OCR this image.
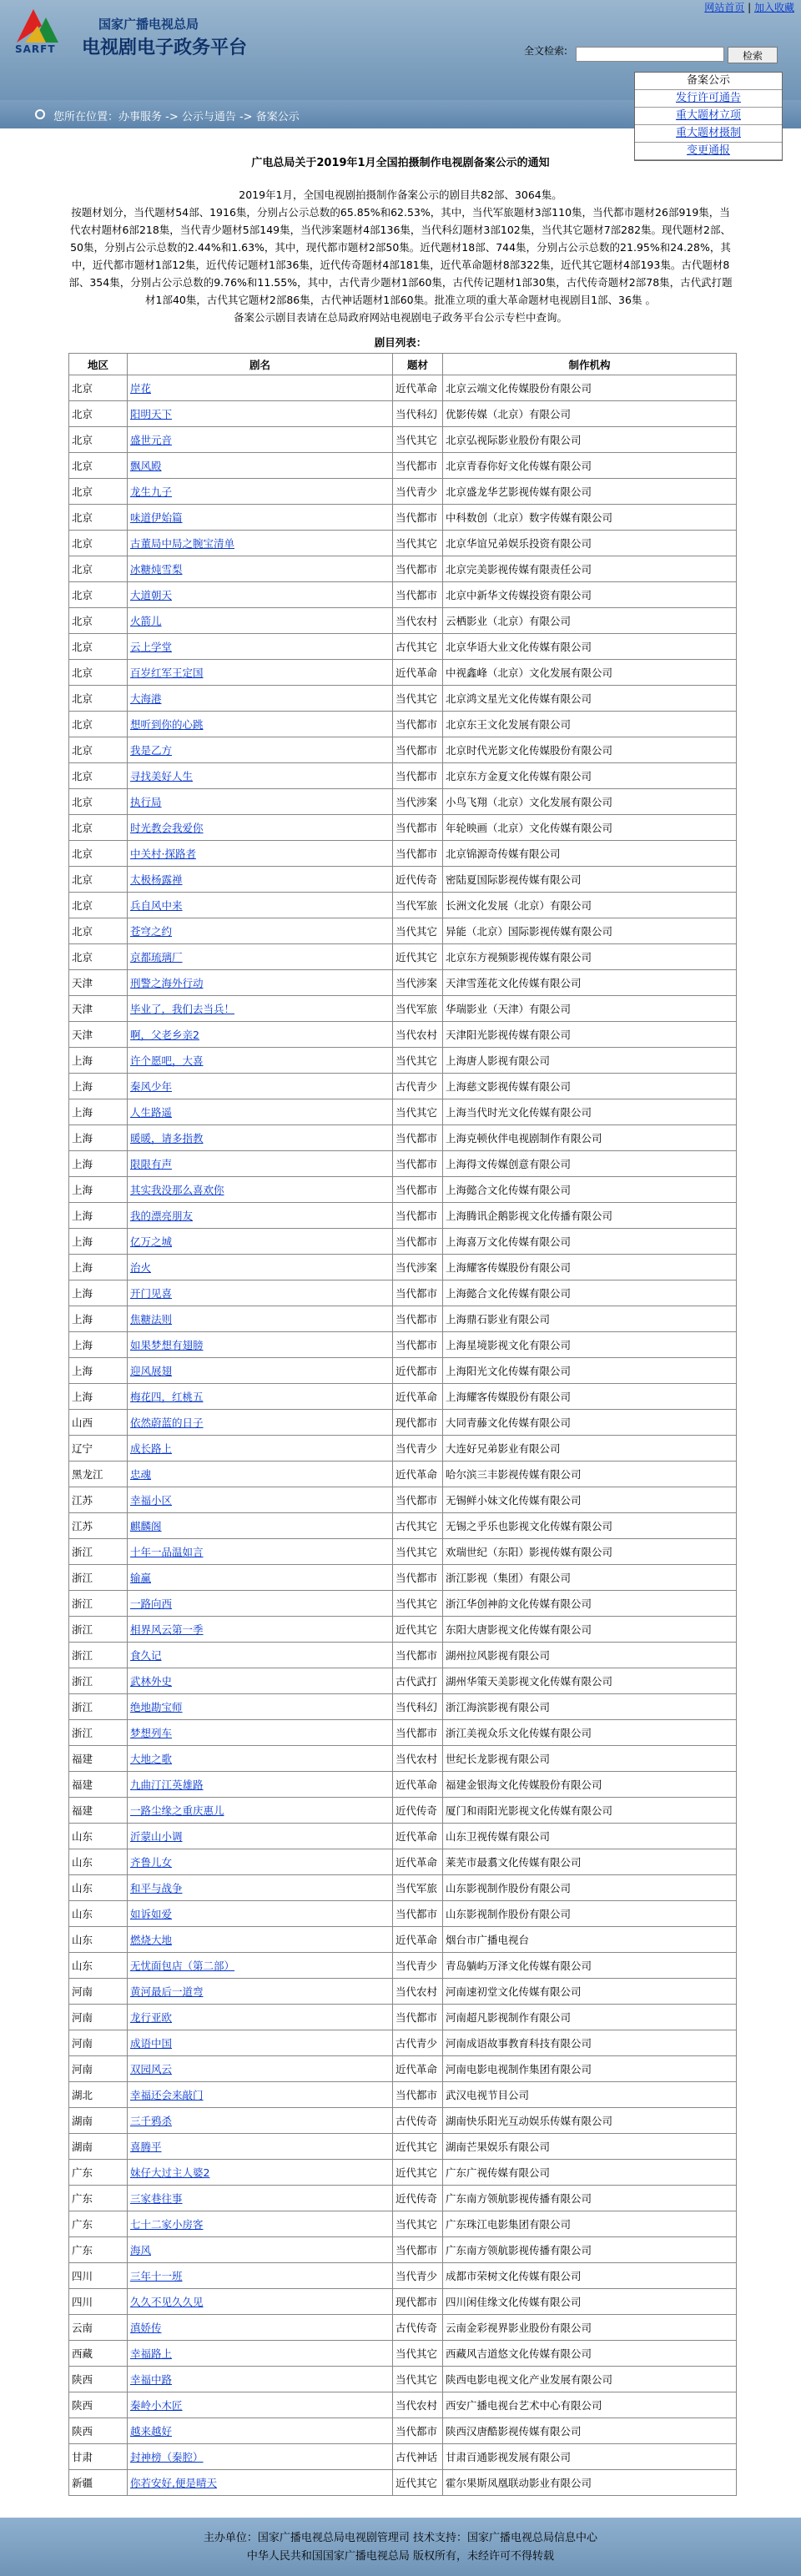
SARFT
国家广播电视总局
电视剧电子政务平台
网站首页 | 加入收藏
全文检索:	检索
您所在位置：办事服务 -> 公示与通告 -> 备案公示
备案公示
发行许可通告
重大题材立项
重大题材摄制
变更通报
广电总局关于2019年1月全国拍摄制作电视剧备案公示的通知

2019年1月，全国电视剧拍摄制作备案公示的剧目共82部、3064集。

按题材划分，当代题材54部、1916集，分别占公示总数的65.85%和62.53%，其中，当代军旅题材3部110集，当代都市题材26部919集，当代农村题材6部218集，当代青少题材5部149集，当代涉案题材4部136集，当代科幻题材3部102集，当代其它题材7部282集。现代题材2部、50集，分别占公示总数的2.44%和1.63%，其中，现代都市题材2部50集。近代题材18部、744集，分别占公示总数的21.95%和24.28%，其中，近代都市题材1部12集，近代传记题材1部36集，近代传奇题材4部181集，近代革命题材8部322集，近代其它题材4部193集。古代题材8部、354集，分别占公示总数的9.76%和11.55%，其中，古代青少题材1部60集，古代传记题材1部30集，古代传奇题材2部78集，古代武打题材1部40集，古代其它题材2部86集，古代神话题材1部60集。批准立项的重大革命题材电视剧目1部、36集 。

备案公示剧目表请在总局政府网站电视剧电子政务平台公示专栏中查询。

剧目列表：
地区	剧名	题材	制作机构
北京	岸花	近代革命	北京云端文化传媒股份有限公司
北京	阳明天下	当代科幻	优影传媒（北京）有限公司
北京	盛世元音	当代其它	北京弘视际影业股份有限公司
北京	飘风殿	当代都市	北京青春你好文化传媒有限公司
北京	龙生九子	当代青少	北京盛龙华艺影视传媒有限公司
北京	味道伊始篇	当代都市	中科数创（北京）数字传媒有限公司
北京	古董局中局之腕宝清单	当代其它	北京华谊兄弟娱乐投资有限公司
北京	冰糖炖雪梨	当代都市	北京完美影视传媒有限责任公司
北京	大道朝天	当代都市	北京中新华文传媒投资有限公司
北京	火箭儿	当代农村	云栖影业（北京）有限公司
北京	云上学堂	古代其它	北京华语大业文化传媒有限公司
北京	百岁红军王定国	近代革命	中视鑫峰（北京）文化发展有限公司
北京	大海港	当代其它	北京鸿文星光文化传媒有限公司
北京	想听到你的心跳	当代都市	北京东王文化发展有限公司
北京	我是乙方	当代都市	北京时代光影文化传媒股份有限公司
北京	寻找美好人生	当代都市	北京东方金夏文化传媒有限公司
北京	执行局	当代涉案	小鸟飞翔（北京）文化发展有限公司
北京	时光教会我爱你	当代都市	年轮映画（北京）文化传媒有限公司
北京	中关村·探路者	当代都市	北京锦源奇传媒有限公司
北京	太极杨露禅	近代传奇	密陆夏国际影视传媒有限公司
北京	兵自风中来	当代军旅	长洲文化发展（北京）有限公司
北京	苍穹之约	当代其它	异能（北京）国际影视传媒有限公司
北京	京都琉璃厂	近代其它	北京东方视频影视传媒有限公司
天津	刑警之海外行动	当代涉案	天津雪莲花文化传媒有限公司
天津	毕业了，我们去当兵！	当代军旅	华瑞影业（天津）有限公司
天津	啊，父老乡亲2	当代农村	天津阳光影视传媒有限公司
上海	许个愿吧，大喜	当代其它	上海唐人影视有限公司
上海	秦风少年	古代青少	上海慈文影视传媒有限公司
上海	人生路遥	当代其它	上海当代时光文化传媒有限公司
上海	暖暖，请多指教	当代都市	上海克顿伙伴电视剧制作有限公司
上海	限限有声	当代都市	上海得文传媒创意有限公司
上海	其实我没那么喜欢你	当代都市	上海懿合文化传媒有限公司
上海	我的漂亮朋友	当代都市	上海腾讯企鹅影视文化传播有限公司
上海	亿万之城	当代都市	上海喜万文化传媒有限公司
上海	治火	当代涉案	上海耀客传媒股份有限公司
上海	开门见喜	当代都市	上海懿合文化传媒有限公司
上海	焦糖法则	当代都市	上海鼎石影业有限公司
上海	如果梦想有翅膀	当代都市	上海星境影视文化有限公司
上海	迎风展翅	近代都市	上海阳光文化传媒有限公司
上海	梅花四，红桃五	近代革命	上海耀客传媒股份有限公司
山西	依然蔚蓝的日子	现代都市	大同青藤文化传媒有限公司
辽宁	成长路上	当代青少	大连好兄弟影业有限公司
黑龙江	忠魂	近代革命	哈尔滨三丰影视传媒有限公司
江苏	幸福小区	当代都市	无锡鲜小妹文化传媒有限公司
江苏	麒麟阁	古代其它	无锡之乎乐也影视文化传媒有限公司
浙江	十年一品温如言	当代其它	欢瑞世纪（东阳）影视传媒有限公司
浙江	输赢	当代都市	浙江影视（集团）有限公司
浙江	一路向西	当代其它	浙江华创神韵文化传媒有限公司
浙江	相界风云第一季	近代其它	东阳大唐影视文化传媒有限公司
浙江	食久记	当代都市	湖州拉风影视有限公司
浙江	武林外史	古代武打	湖州华策天美影视文化传媒有限公司
浙江	绝地勘宝师	当代科幻	浙江海滨影视有限公司
浙江	梦想列车	当代都市	浙江美视众乐文化传媒有限公司
福建	大地之歌	当代农村	世纪长龙影视有限公司
福建	九曲汀江英雄路	近代革命	福建金银海文化传媒股份有限公司
福建	一路尘缘之重庆惠儿	近代传奇	厦门和雨阳光影视文化传媒有限公司
山东	沂蒙山小调	近代革命	山东卫视传媒有限公司
山东	齐鲁儿女	近代革命	莱芜市最翥文化传媒有限公司
山东	和平与战争	当代军旅	山东影视制作股份有限公司
山东	如诉如爱	当代都市	山东影视制作股份有限公司
山东	燃烧大地	近代革命	烟台市广播电视台
山东	无忧面包店（第二部）	当代青少	青岛躺屿万泽文化传媒有限公司
河南	黄河最后一道弯	当代农村	河南速初堂文化传媒有限公司
河南	龙行亚欧	当代都市	河南超凡影视制作有限公司
河南	成语中国	古代青少	河南成语故事教育科技有限公司
河南	双园风云	近代革命	河南电影电视制作集团有限公司
湖北	幸福还会来敲门	当代都市	武汉电视节目公司
湖南	三千鸦杀	古代传奇	湖南快乐阳光互动娱乐传媒有限公司
湖南	喜腾平	近代其它	湖南芒果娱乐有限公司
广东	妹仔大过主人婆2	近代其它	广东广视传媒有限公司
广东	三家巷往事	近代传奇	广东南方领航影视传播有限公司
广东	七十二家小房客	当代其它	广东珠江电影集团有限公司
广东	海风	当代都市	广东南方领航影视传播有限公司
四川	三年十一班	当代青少	成都市荣树文化传媒有限公司
四川	久久不见久久见	现代都市	四川闲佳缘文化传媒有限公司
云南	滇娇传	古代传奇	云南金彩视界影业股份有限公司
西藏	幸福路上	当代其它	西藏风吉道悠文化传媒有限公司
陕西	幸福中路	当代其它	陕西电影电视文化产业发展有限公司
陕西	秦岭小木匠	当代农村	西安广播电视台艺术中心有限公司
陕西	越来越好	当代都市	陕西汉唐酷影视传媒有限公司
甘肃	封神榜（秦腔）	古代神话	甘肃百通影视发展有限公司
新疆	你若安好,便是晴天	近代其它	霍尔果斯凤凰联动影业有限公司
主办单位：国家广播电视总局电视剧管理司 技术支持：国家广播电视总局信息中心
中华人民共和国国家广播电视总局 版权所有，未经许可不得转载
